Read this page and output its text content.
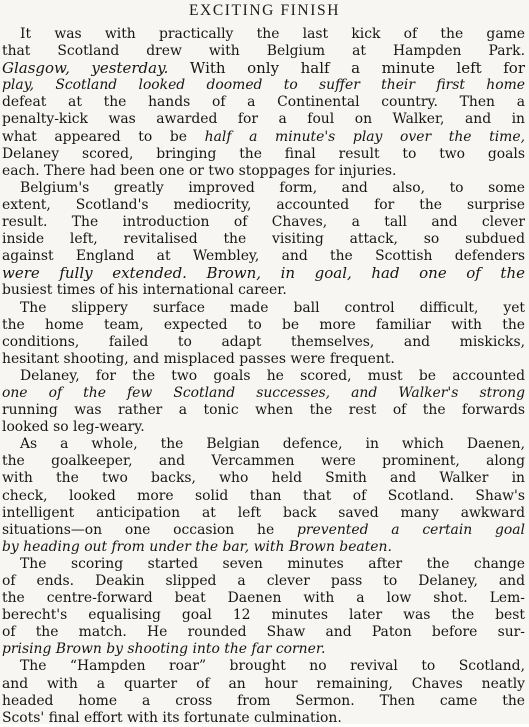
EXCITING FINISH
It was with practically the last kick of the game
that Scotland drew with Belgium at Hampden Park.
Glasgow, yesterday. With only half a minute left for
play, Scotland looked doomed to suffer their first home
defeat at the hands of a Continental country. Then a
penalty-kick was awarded for a foul on Walker, and in
what appeared to be half a minute's play over the time,
Delaney scored, bringing the final result to two goals
each. There had been one or two stoppages for injuries.
Belgium's greatly improved form, and also, to some
extent, Scotland's mediocrity, accounted for the surprise
result. The introduction of Chaves, a tall and clever
inside left, revitalised the visiting attack, so subdued
against England at Wembley, and the Scottish defenders
were fully extended. Brown, in goal, had one of the
busiest times of his international career.
The slippery surface made ball control difficult, yet
the home team, expected to be more familiar with the
conditions, failed to adapt themselves, and miskicks,
hesitant shooting, and misplaced passes were frequent.
Delaney, for the two goals he scored, must be accounted
one of the few Scotland successes, and Walker's strong
running was rather a tonic when the rest of the forwards
looked so leg-weary.
As a whole, the Belgian defence, in which Daenen,
the goalkeeper, and Vercammen were prominent, along
with the two backs, who held Smith and Walker in
check, looked more solid than that of Scotland. Shaw's
intelligent anticipation at left back saved many awkward
situations—on one occasion he prevented a certain goal
by heading out from under the bar, with Brown beaten.
The scoring started seven minutes after the change
of ends. Deakin slipped a clever pass to Delaney, and
the centre-forward beat Daenen with a low shot. Lem-
berecht's equalising goal 12 minutes later was the best
of the match. He rounded Shaw and Paton before sur-
prising Brown by shooting into the far corner.
The “Hampden roar” brought no revival to Scotland,
and with a quarter of an hour remaining, Chaves neatly
headed home a cross from Sermon. Then came the
Scots' final effort with its fortunate culmination.
